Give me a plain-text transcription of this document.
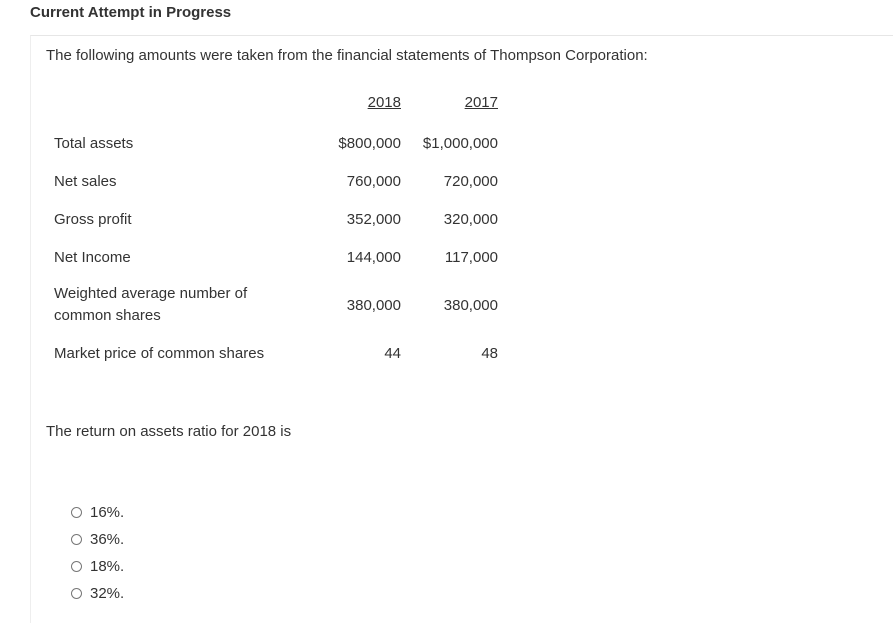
Current Attempt in Progress
The following amounts were taken from the financial statements of Thompson Corporation:
	2018	2017
Total assets	$800,000	$1,000,000
Net sales	760,000	720,000
Gross profit	352,000	320,000
Net Income	144,000	117,000
Weighted average number of
common shares	380,000	380,000
Market price of common shares	44	48
The return on assets ratio for 2018 is
16%.
36%.
18%.
32%.
